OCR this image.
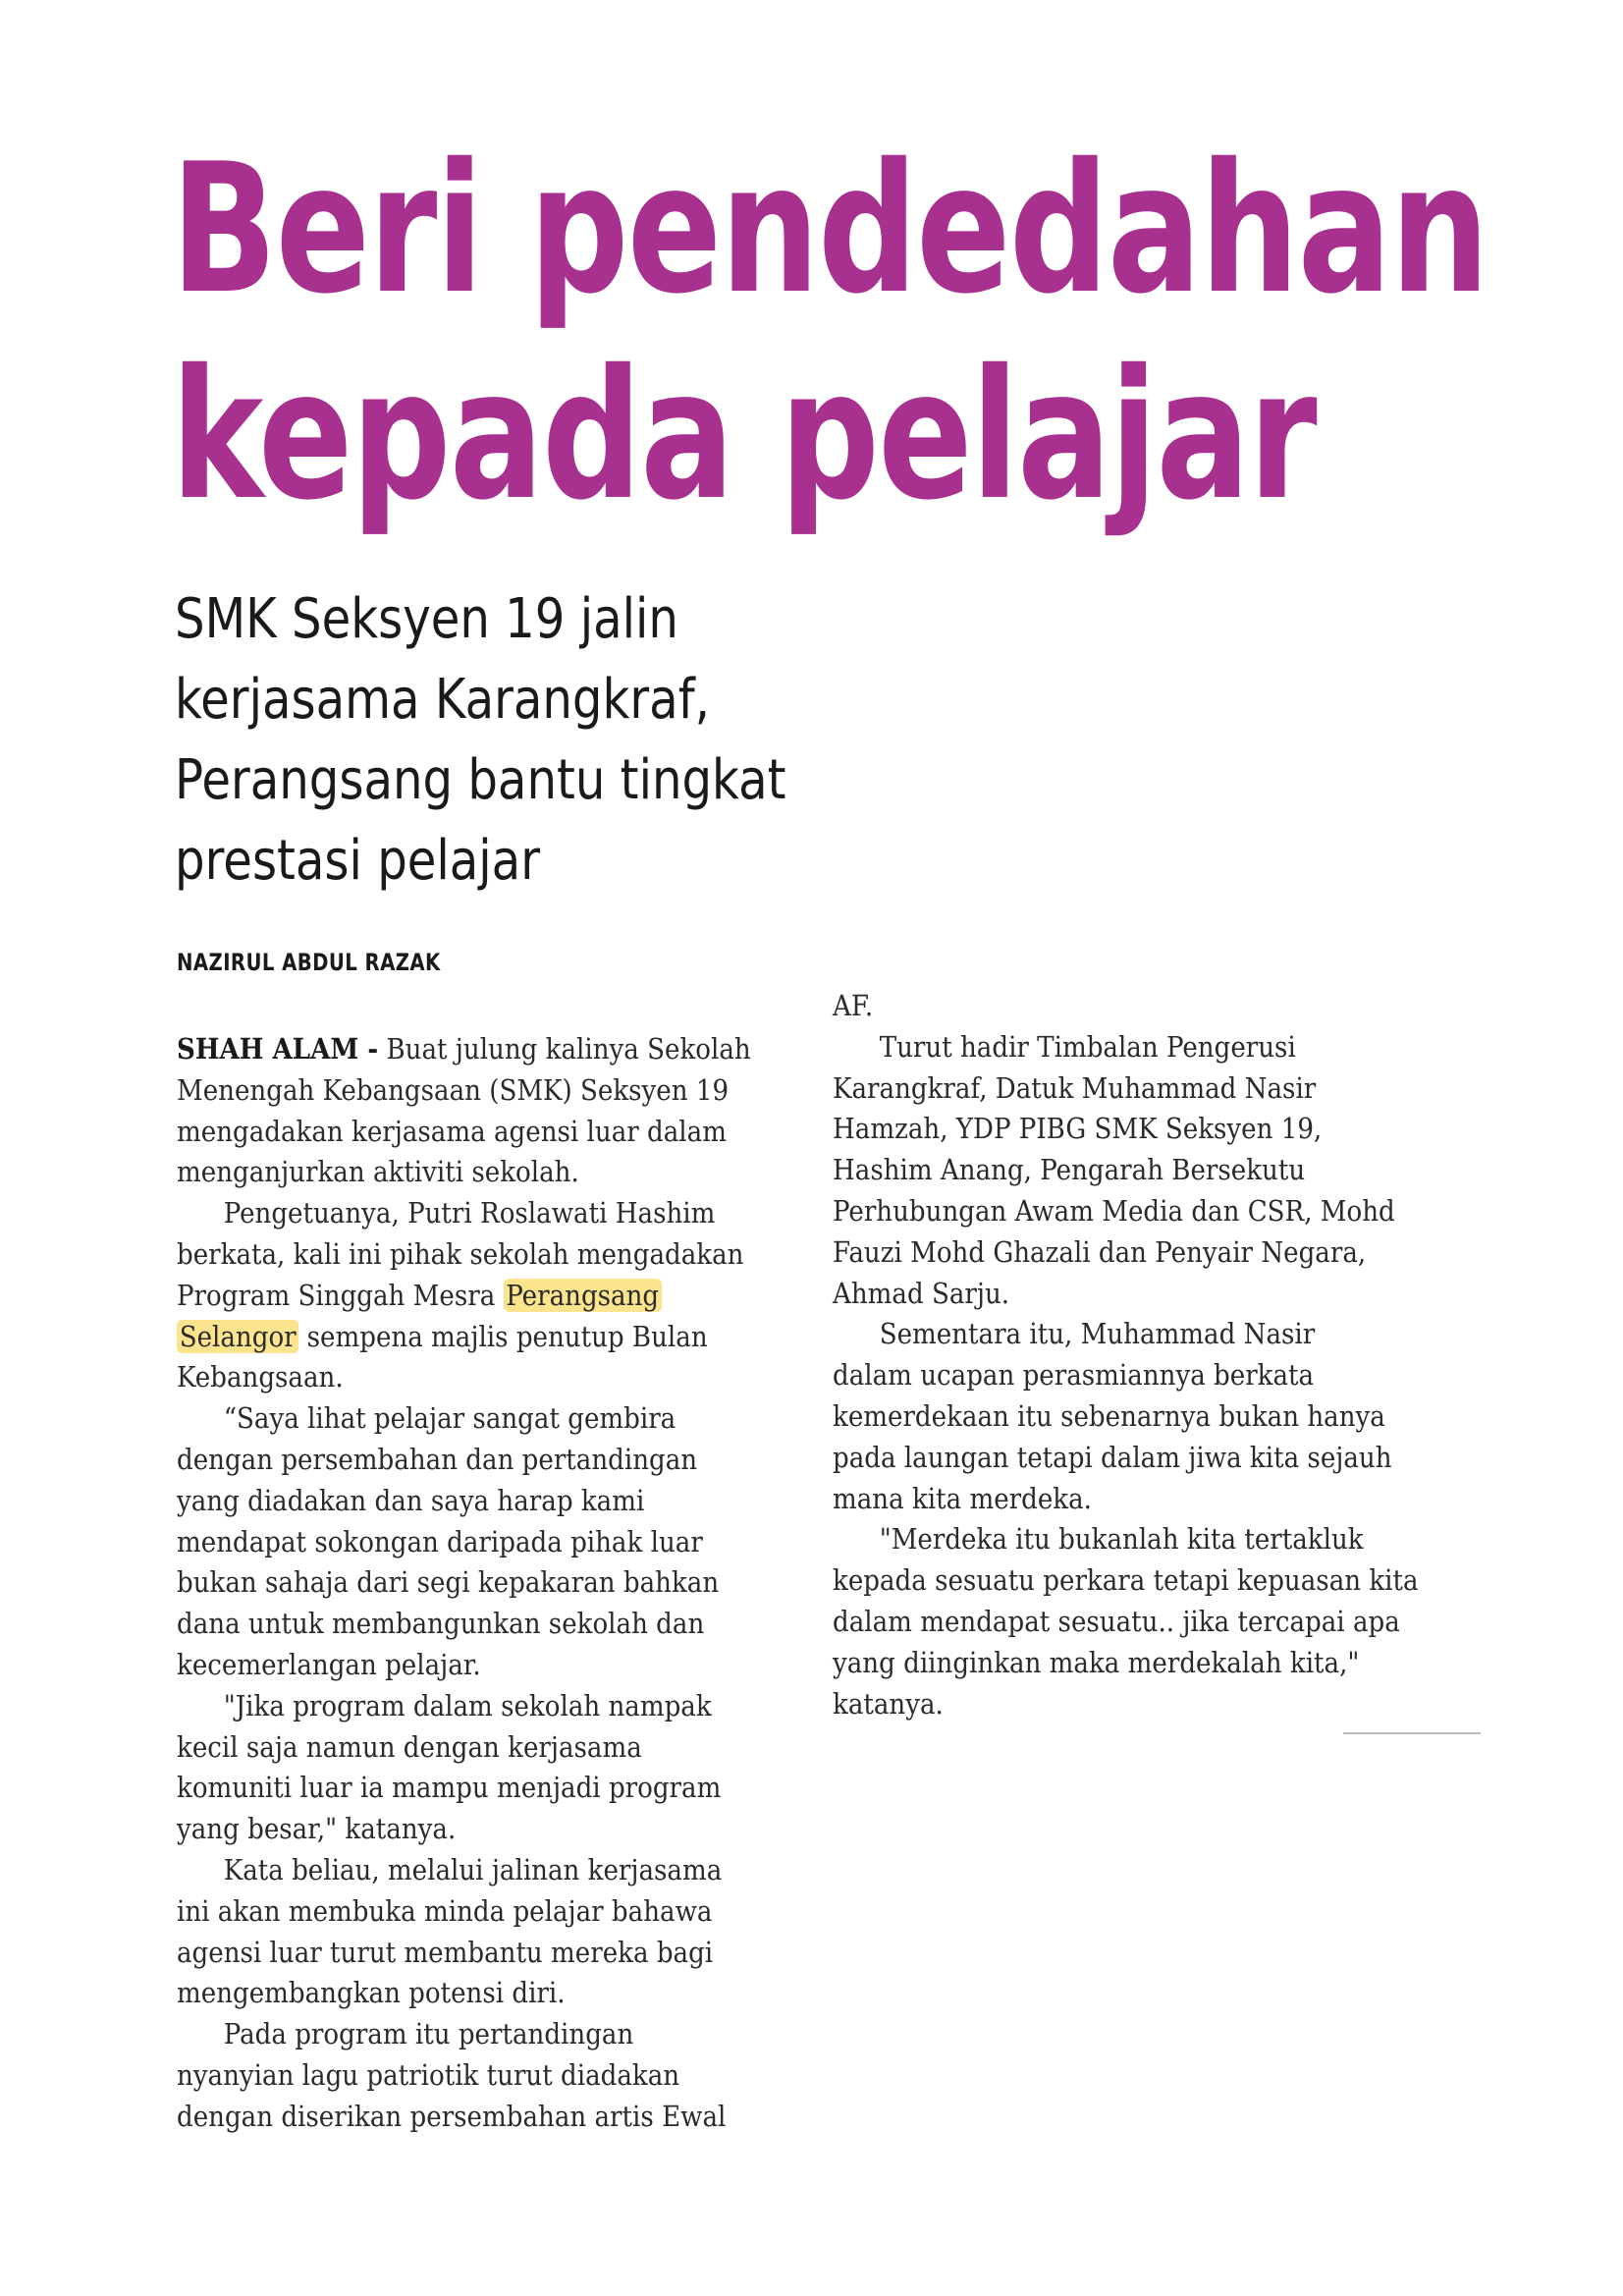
Beri pendedahan
kepada pelajar
SMK Seksyen 19 jalin
kerjasama Karangkraf,
Perangsang bantu tingkat
prestasi pelajar
NAZIRUL ABDUL RAZAK
SHAH ALAM - Buat julung kalinya Sekolah
Menengah Kebangsaan (SMK) Seksyen 19
mengadakan kerjasama agensi luar dalam
menganjurkan aktiviti sekolah.
Pengetuanya, Putri Roslawati Hashim
berkata, kali ini pihak sekolah mengadakan
Program Singgah Mesra Perangsang
Selangor sempena majlis penutup Bulan
Kebangsaan.
“Saya lihat pelajar sangat gembira
dengan persembahan dan pertandingan
yang diadakan dan saya harap kami
mendapat sokongan daripada pihak luar
bukan sahaja dari segi kepakaran bahkan
dana untuk membangunkan sekolah dan
kecemerlangan pelajar.
"Jika program dalam sekolah nampak
kecil saja namun dengan kerjasama
komuniti luar ia mampu menjadi program
yang besar," katanya.
Kata beliau, melalui jalinan kerjasama
ini akan membuka minda pelajar bahawa
agensi luar turut membantu mereka bagi
mengembangkan potensi diri.
Pada program itu pertandingan
nyanyian lagu patriotik turut diadakan
dengan diserikan persembahan artis Ewal
AF.
Turut hadir Timbalan Pengerusi
Karangkraf, Datuk Muhammad Nasir
Hamzah, YDP PIBG SMK Seksyen 19,
Hashim Anang, Pengarah Bersekutu
Perhubungan Awam Media dan CSR, Mohd
Fauzi Mohd Ghazali dan Penyair Negara,
Ahmad Sarju.
Sementara itu, Muhammad Nasir
dalam ucapan perasmiannya berkata
kemerdekaan itu sebenarnya bukan hanya
pada laungan tetapi dalam jiwa kita sejauh
mana kita merdeka.
"Merdeka itu bukanlah kita tertakluk
kepada sesuatu perkara tetapi kepuasan kita
dalam mendapat sesuatu.. jika tercapai apa
yang diinginkan maka merdekalah kita,"
katanya.
